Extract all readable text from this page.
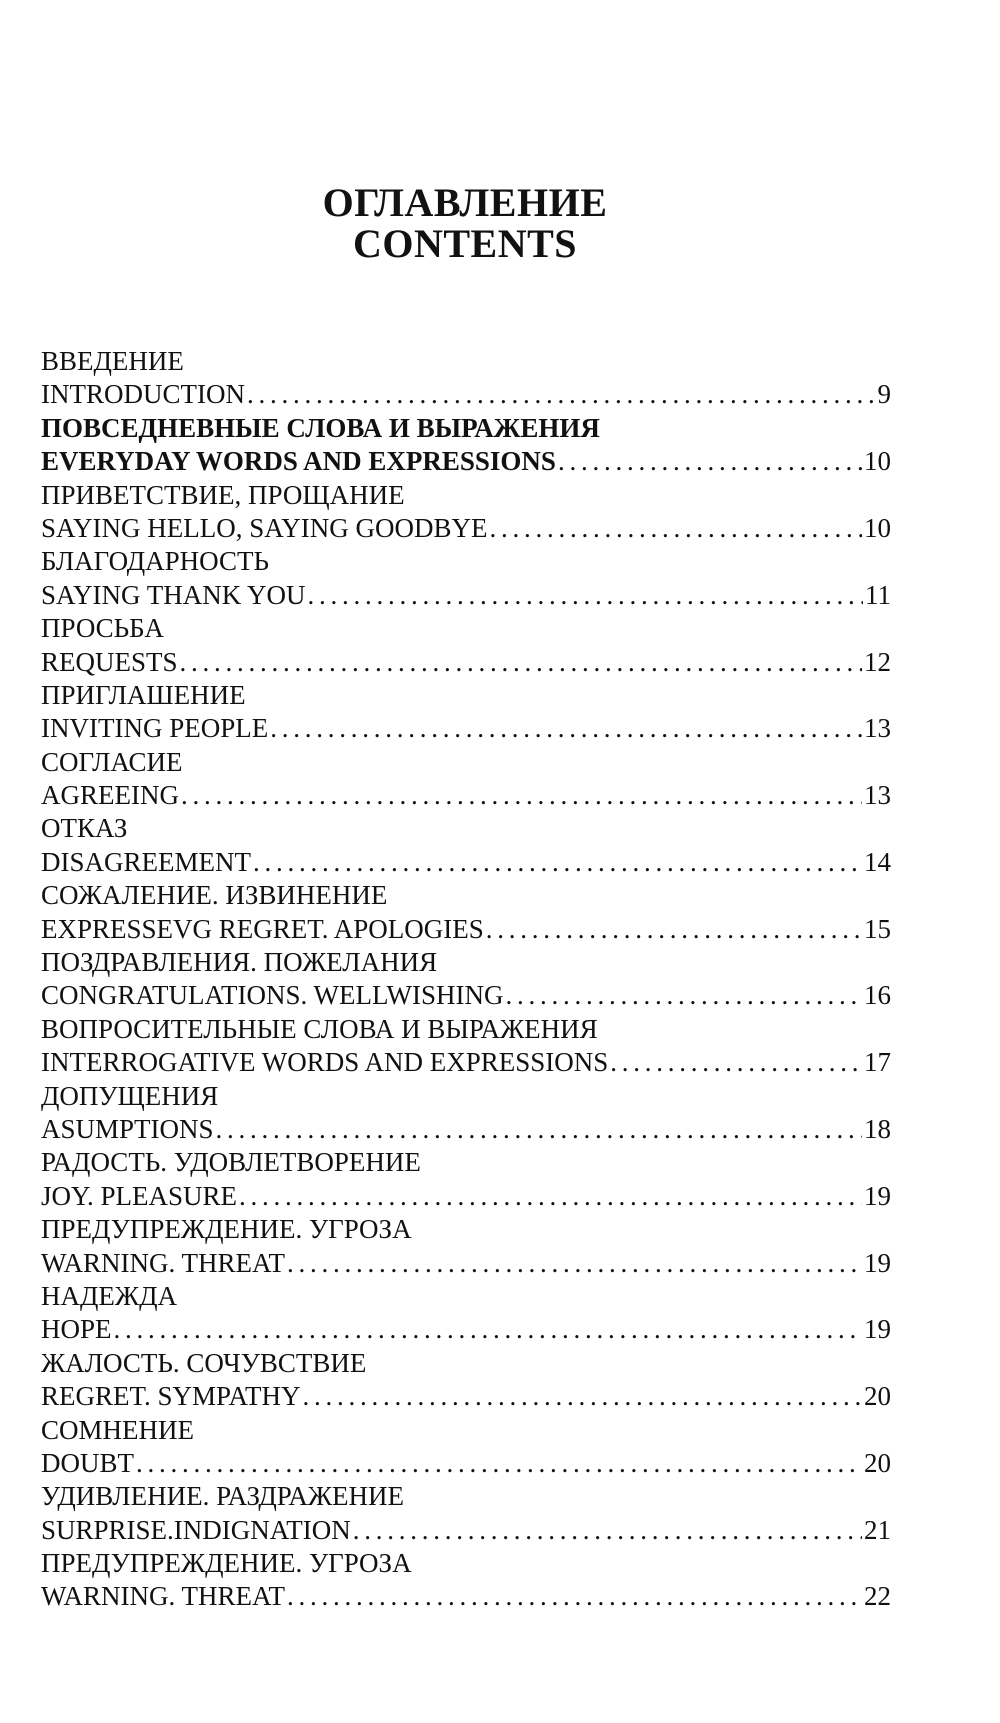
ОГЛАВЛЕНИЕ
CONTENTS
ВВЕДЕНИЕ
INTRODUCTION . . .	9
ПОВСЕДНЕВНЫЕ СЛОВА И ВЫРАЖЕНИЯ
EVERYDAY WORDS AND EXPRESSIONS . . .	10
ПРИВЕТСТВИЕ, ПРОЩАНИЕ
SAYING HELLO, SAYING GOODBYE . . .	10
БЛАГОДАРНОСТЬ
SAYING THANK YOU . . .	11
ПРОСЬБА
REQUESTS . . .	12
ПРИГЛАШЕНИЕ
INVITING PEOPLE . . .	13
СОГЛАСИЕ
AGREEING . . .	13
ОТКАЗ
DISAGREEMENT . . .	14
СОЖАЛЕНИЕ. ИЗВИНЕНИЕ
EXPRESSEVG REGRET. APOLOGIES . . .	15
ПОЗДРАВЛЕНИЯ. ПОЖЕЛАНИЯ
CONGRATULATIONS. WELLWISHING . . .	16
ВОПРОСИТЕЛЬНЫЕ СЛОВА И ВЫРАЖЕНИЯ
INTERROGATIVE WORDS AND EXPRESSIONS . . .	17
ДОПУЩЕНИЯ
ASUMPTIONS . . .	18
РАДОСТЬ. УДОВЛЕТВОРЕНИЕ
JOY. PLEASURE . . .	19
ПРЕДУПРЕЖДЕНИЕ. УГРОЗА
WARNING. THREAT . . .	19
НАДЕЖДА
HOPE . . .	19
ЖАЛОСТЬ. СОЧУВСТВИЕ
REGRET. SYMPATHY . . .	20
СОМНЕНИЕ
DOUBT . . .	20
УДИВЛЕНИЕ. РАЗДРАЖЕНИЕ
SURPRISE.INDIGNATION . . .	21
ПРЕДУПРЕЖДЕНИЕ. УГРОЗА
WARNING. THREAT . . .	22
